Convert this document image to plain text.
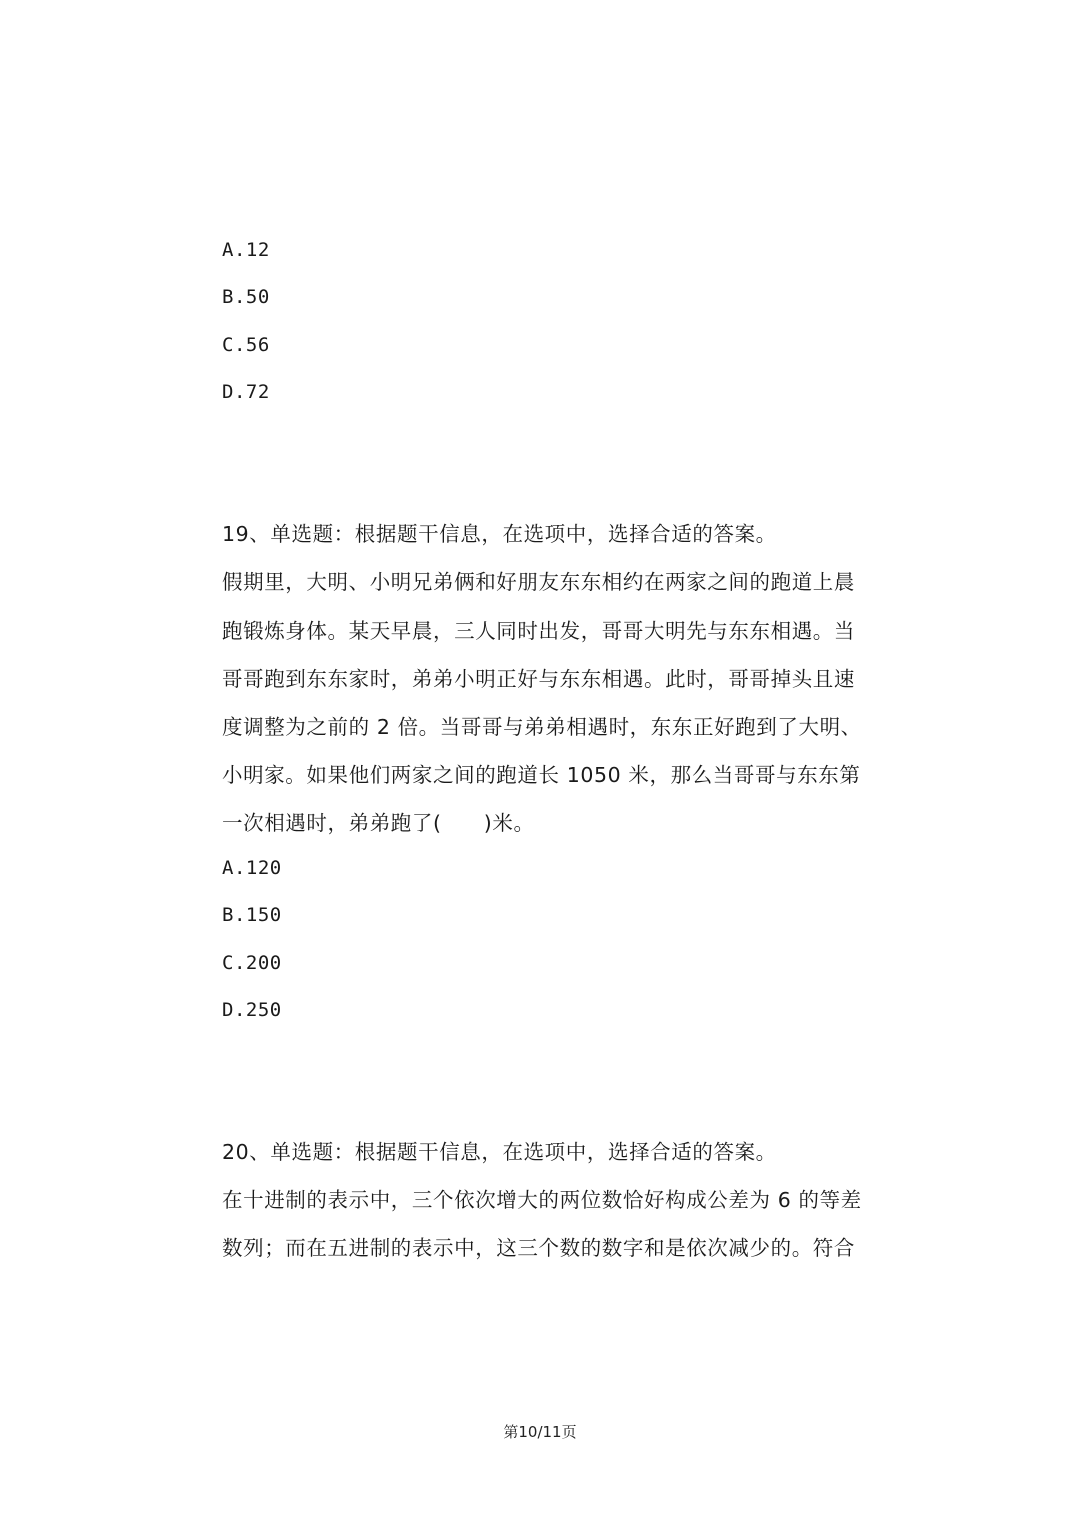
A.12
B.50
C.56
D.72
19、单选题：根据题干信息，在选项中，选择合适的答案。
假期里，大明、小明兄弟俩和好朋友东东相约在两家之间的跑道上晨
跑锻炼身体。某天早晨，三人同时出发，哥哥大明先与东东相遇。当
哥哥跑到东东家时，弟弟小明正好与东东相遇。此时，哥哥掉头且速
度调整为之前的 2 倍。当哥哥与弟弟相遇时，东东正好跑到了大明、
小明家。如果他们两家之间的跑道长 1050 米，那么当哥哥与东东第
一次相遇时，弟弟跑了(　　)米。
A.120
B.150
C.200
D.250
20、单选题：根据题干信息，在选项中，选择合适的答案。
在十进制的表示中，三个依次增大的两位数恰好构成公差为 6 的等差
数列；而在五进制的表示中，这三个数的数字和是依次减少的。符合
第10/11页
